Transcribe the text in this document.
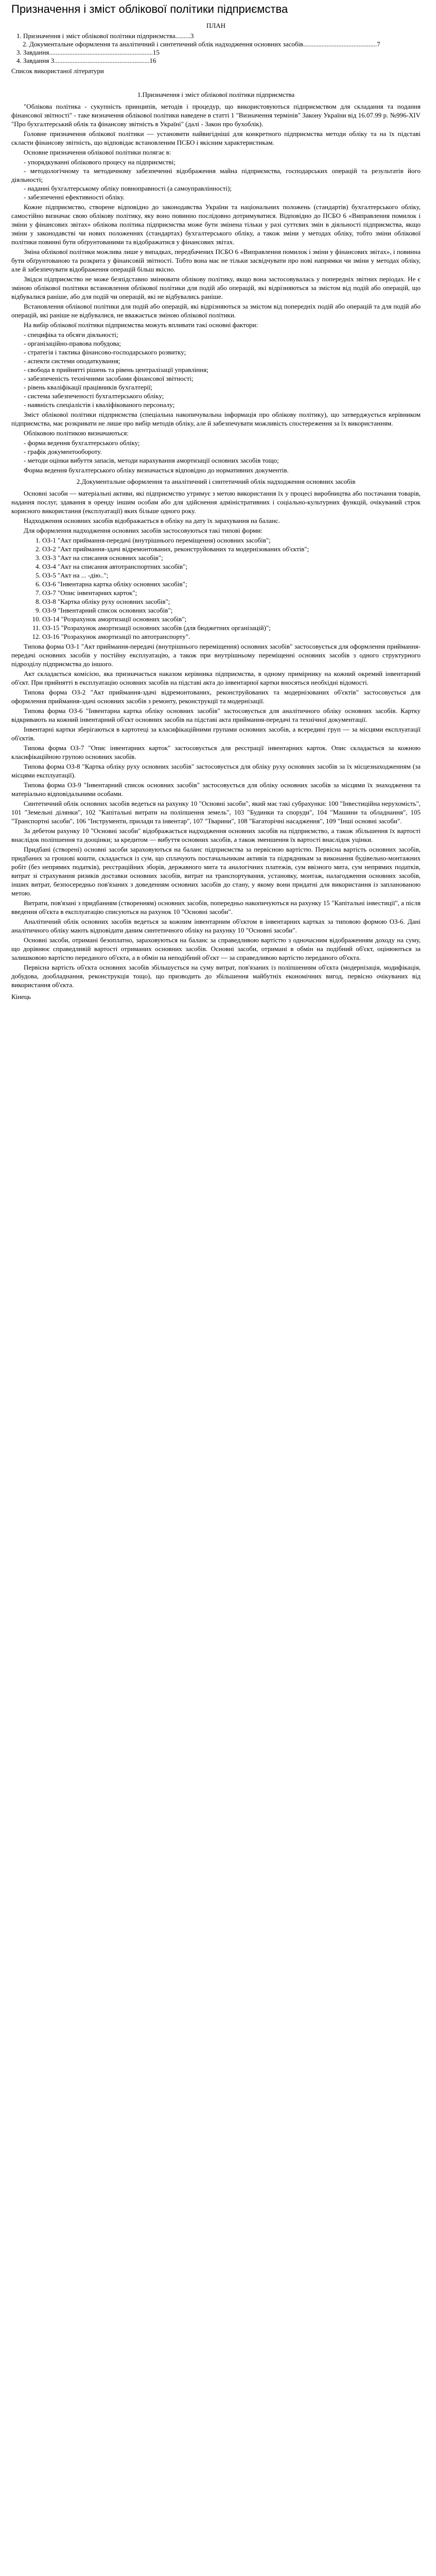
Призначення і зміст облікової політики підприємства
ПЛАН
1. Призначення і зміст облікової політики підприємства.........3
2. Документальне оформлення та аналітичний і синтетичний облік надходження основних засобів............................................7
3. Завдання..............................................................15
4. Завдання 3.........................................................16
Список використаної літератури
1.Призначення і зміст облікової політики підприємства

"Облікова політика - сукупність принципів, методів і процедур, що використовуються підприємством для складання та подання фінансової звітності" - таке визначення облікової політики наведене в статті 1 "Визначення термінів" Закону України від 16.07.99 р. №996-XIV "Про бухгалтерський облік та фінансову звітність в Україні" (далі - Закон про бухоблік).

Головне призначення облікової політики — устaнoвити найвигідніші для конкретного підприємства методи обліку та на їх підставі скласти фінансову звітність, що відповідає встановленим ПСБО і якісним характеристикам.

Основне призначення облікової політики полягає в:

- упорядкуванні облікового процесу на підприємстві;
- методологічному та методичному забезпеченні відображення майна підприємства, господарських операцій та результатів його діяльності;
- наданні бухгалтерському обліку повноправності (а самоуправлінності);
- забезпеченні ефективності обліку.

Кожне підприємство, створене відповідно до законодавства України та національних положень (стандартів) бухгалтерського обліку, самостійно визначає свою облікову політику, яку воно повинно послідовно дотримуватися. Відповідно до ПСБО 6 «Виправлення помилок і зміни у фінансових звітах» облікова політика підприємства може бути змінена тільки у разі суттєвих змін в діяльності підприємства, якщо зміни у законодавстві чи нових положеннях (стандартах) бухгалтерського обліку, а також зміни у методах обліку, тобто зміни облікової політики повинні бути обґрунтованими та відображатися у фінансових звітах.

Зміна облікової політики можлива лише у випадках, передбачених ПСБО 6 «Виправлення помилок і зміни у фінансових звітах», і повинна бути обґрунтованою та розкрита у фінансовій звітності. Тобто вона має не тільки засвідчувати про нові напрямки чи зміни у методах обліку, але й забезпечувати відображення операцій більш якісно.

Звідси підприємство не може безпідставно змінювати облікову політику, якщо вона застосовувалась у попередніх звітних періодах. Не є зміною облікової політики встановлення облікової політики для подій або операцій, які відрізняються за змістом від подій або операцій, що відбувалися раніше, або для подій чи операцій, які не відбувались раніше.

Встановлення облікової політики для подій або операцій, які відрізняються за змістом від попередніх подій або операцій та для подій або операцій, які раніше не відбувалися, не вважається зміною облікової політики.

На вибір облікової політики підприємства можуть впливати такі основні фактори:

- специфіка та обсяги діяльності;
- організаційно-правова побудова;
- стратегія і тактика фінансово-господарського розвитку;
- аспекти системи оподаткування;
- свобода в прийнятті рішень та рівень централізації управління;
- забезпеченість технічними засобами фінансової звітності;
- рівень кваліфікації працівників бухгалтерії;
- система забезпеченості бухгалтерського обліку;
- наявність спеціалістів і кваліфікованого персоналу;

Зміст облікової політики підприємства (спеціальна накопичувальна інформація про облікову політику), що затверджується керівником підприємства, має розкривати не лише про вибір методів обліку, але й забезпечувати можливість спостереження за їх використанням.

Обліковою політикою визначаються:

- форма ведення бухгалтерського обліку;
- графік документообороту.
- методи оцінки вибуття запасів, методи нарахування амортизації основних засобів тощо;

Форма ведення бухгалтерського обліку визначається відповідно до нормативних документів.

2.Документальне оформлення та аналітичний і синтетичний облік надходження основних засобів

Основні засоби — матеріальні активи, які підприємство утримує з метою використання їх у процесі виробництва або постачання товарів, надання послуг, здавання в оренду іншим особам або для здійснення адміністративних і соціально-культурних функцій, очікуваний строк корисного використання (експлуатації) яких більше одного року.

Надходження основних засобів відображається в обліку на дату їх зарахування на баланс.

Для оформлення надходження основних засобів застосовуються такі типові форми:

1. ОЗ-1 "Акт приймання-передачі (внутрішнього переміщення) основних засобів";
2. ОЗ-2 "Акт приймання-здачі відремонтованих, реконструйованих та модернізованих об'єктів";
3. ОЗ-3 "Акт на списання основних засобів";
4. ОЗ-4 "Акт на списання автотранспортних засобів";
5. ОЗ-5 "Акт на ... -дію..";
6. ОЗ-6 "Інвентарна картка обліку основних засобів";
7. ОЗ-7 "Опис інвентарних карток";
8. ОЗ-8 "Картка обліку руху основних засобів";
9. ОЗ-9 "Інвентарний список основних засобів";
10. ОЗ-14 "Розрахунок амортизації основних засобів";
11. ОЗ-15 "Розрахунок амортизації основних засобів (для бюджетних організацій)";
12. ОЗ-16 "Розрахунок амортизації по автотранспорту".

Типова форма ОЗ-1 "Акт приймання-передачі (внутрішнього переміщення) основних засобів" застосовується для оформлення приймання-передачі основних засобів у постійну експлуатацію, а також при внутрішньому переміщенні основних засобів з одного структурного підрозділу підприємства до іншого.

Акт складається комісією, яка призначається наказом керівника підприємства, в одному примірнику на кожний окремий інвентарний об'єкт. При прийнятті в експлуатацію основних засобів на підставі акта до інвентарної картки вносяться необхідні відомості.

Типова форма ОЗ-2 "Акт приймання-здачі відремонтованих, реконструйованих та модернізованих об'єктів" застосовується для оформлення приймання-здачі основних засобів з ремонту, реконструкції та модернізації.

Типова форма ОЗ-6 "Інвентарна картка обліку основних засобів" застосовується для аналітичного обліку основних засобів. Картку відкривають на кожний інвентарний об'єкт основних засобів на підставі акта приймання-передачі та технічної документації.

Інвентарні картки зберігаються в картотеці за класифікаційними групами основних засобів, а всередині груп — за місцями експлуатації об'єктів.

Типова форма ОЗ-7 "Опис інвентарних карток" застосовується для реєстрації інвентарних карток. Опис складається за кожною класифікаційною групою основних засобів.

Типова форма ОЗ-8 "Картка обліку руху основних засобів" застосовується для обліку руху основних засобів за їх місцезнаходженням (за місцями експлуатації).

Типова форма ОЗ-9 "Інвентарний список основних засобів" застосовується для обліку основних засобів за місцями їх знаходження та матеріально відповідальними особами.

Синтетичний облік основних засобів ведеться на рахунку 10 "Основні засоби", який має такі субрахунки: 100 "Інвестиційна нерухомість", 101 "Земельні ділянки", 102 "Капітальні витрати на поліпшення земель", 103 "Будинки та споруди", 104 "Машини та обладнання", 105 "Транспортні засоби", 106 "Інструменти, прилади та інвентар", 107 "Тварини", 108 "Багаторічні насадження", 109 "Інші основні засоби".

За дебетом рахунку 10 "Основні засоби" відображається надходження основних засобів на підприємство, а також збільшення їх вартості внаслідок поліпшення та дооцінки; за кредитом — вибуття основних засобів, а також зменшення їх вартості внаслідок уцінки.

Придбані (створені) основні засоби зараховуються на баланс підприємства за первісною вартістю. Первісна вартість основних засобів, придбаних за грошові кошти, складається із сум, що сплачують постачальникам активів та підрядникам за виконання будівельно-монтажних робіт (без непрямих податків), реєстраційних зборів, державного мита та аналогічних платежів, сум ввізного мита, сум непрямих податків, витрат зі страхування ризиків доставки основних засобів, витрат на транспортування, установку, монтаж, налагодження основних засобів, інших витрат, безпосередньо пов'язаних з доведенням основних засобів до стану, у якому вони придатні для використання із запланованою метою.

Витрати, пов'язані з придбанням (створенням) основних засобів, попередньо накопичуються на рахунку 15 "Капітальні інвестиції", а після введення об'єкта в експлуатацію списуються на рахунок 10 "Основні засоби".

Аналітичний облік основних засобів ведеться за кожним інвентарним об'єктом в інвентарних картках за типовою формою ОЗ-6. Дані аналітичного обліку мають відповідати даним синтетичного обліку на рахунку 10 "Основні засоби".

Основні засоби, отримані безоплатно, зараховуються на баланс за справедливою вартістю з одночасним відображенням доходу на суму, що дорівнює справедливій вартості отриманих основних засобів. Основні засоби, отримані в обмін на подібний об'єкт, оцінюються за залишковою вартістю переданого об'єкта, а в обмін на неподібний об'єкт — за справедливою вартістю переданого об'єкта.

Первісна вартість об'єкта основних засобів збільшується на суму витрат, пов'язаних із поліпшенням об'єкта (модернізація, модифікація, добудова, дообладнання, реконструкція тощо), що призводить до збільшення майбутніх економічних вигод, первісно очікуваних від використання об'єкта.

Кінець
